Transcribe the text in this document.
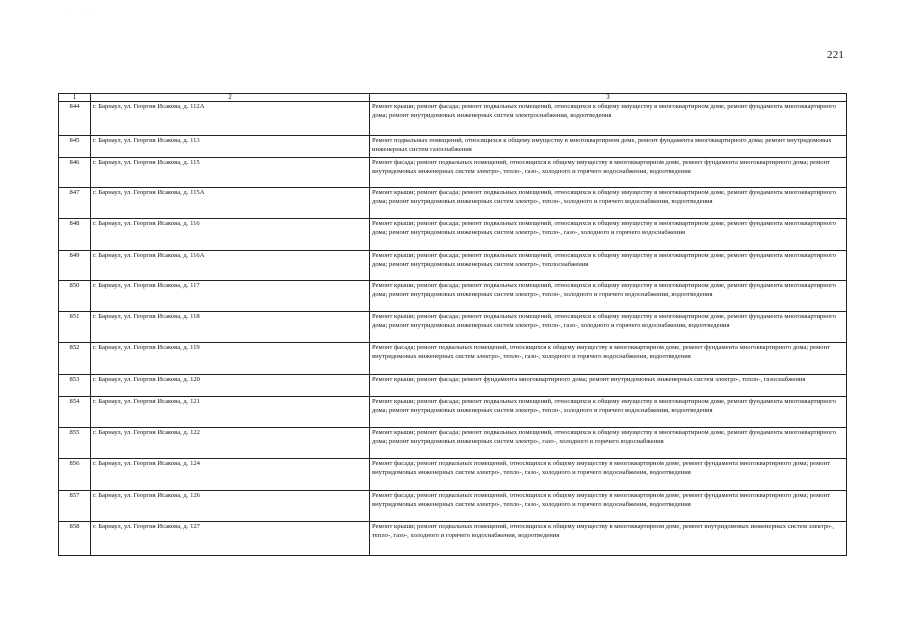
· · ·
221
1	2	3
844	г. Барнаул, ул. Георгия Исакова, д. 112А	Ремонт крыши; ремонт фасада; ремонт подвальных помещений, относящихся к общему имуществу в многоквартирном доме, ремонт фундамента многоквартирного дома; ремонт внутридомовых инженерных систем электроснабжения, водоотведения
845	г. Барнаул, ул. Георгия Исакова, д. 113	Ремонт подвальных помещений, относящихся к общему имуществу в многоквартирном доме, ремонт фундамента многоквартирного дома; ремонт внутридомовых инженерных систем газоснабжения
846	г. Барнаул, ул. Георгия Исакова, д. 115	Ремонт фасада; ремонт подвальных помещений, относящихся к общему имуществу в многоквартирном доме, ремонт фундамента многоквартирного дома; ремонт внутридомовых инженерных систем электро-, тепло-, газо-, холодного и горячего водоснабжения, водоотведения
847	г. Барнаул, ул. Георгия Исакова, д. 115А	Ремонт крыши; ремонт фасада; ремонт подвальных помещений, относящихся к общему имуществу в многоквартирном доме, ремонт фундамента многоквартирного дома; ремонт внутридомовых инженерных систем электро-, тепло-, холодного и горячего водоснабжения, водоотведения
848	г. Барнаул, ул. Георгия Исакова, д. 116	Ремонт крыши; ремонт фасада; ремонт подвальных помещений, относящихся к общему имуществу в многоквартирном доме, ремонт фундамента многоквартирного дома; ремонт внутридомовых инженерных систем электро-, тепло-, газо-, холодного и горячего водоснабжения
849	г. Барнаул, ул. Георгия Исакова, д. 116А	Ремонт крыши; ремонт фасада; ремонт подвальных помещений, относящихся к общему имуществу в многоквартирном доме, ремонт фундамента многоквартирного дома; ремонт внутридомовых инженерных систем электро-, теплоснабжения
850	г. Барнаул, ул. Георгия Исакова, д. 117	Ремонт крыши; ремонт фасада; ремонт подвальных помещений, относящихся к общему имуществу в многоквартирном доме, ремонт фундамента многоквартирного дома; ремонт внутридомовых инженерных систем электро-, тепло-, холодного и горячего водоснабжения, водоотведения
851	г. Барнаул, ул. Георгия Исакова, д. 118	Ремонт крыши; ремонт фасада; ремонт подвальных помещений, относящихся к общему имуществу в многоквартирном доме, ремонт фундамента многоквартирного дома; ремонт внутридомовых инженерных систем электро-, тепло-, газо-, холодного и горячего водоснабжения, водоотведения
852	г. Барнаул, ул. Георгия Исакова, д. 119	Ремонт фасада; ремонт подвальных помещений, относящихся к общему имуществу в многоквартирном доме, ремонт фундамента многоквартирного дома; ремонт внутридомовых инженерных систем электро-, тепло-, газо-, холодного и горячего водоснабжения, водоотведения
853	г. Барнаул, ул. Георгия Исакова, д. 120	Ремонт крыши; ремонт фасада; ремонт фундамента многоквартирного дома; ремонт внутридомовых инженерных систем электро-, тепло-, газоснабжения
854	г. Барнаул, ул. Георгия Исакова, д. 121	Ремонт крыши; ремонт фасада; ремонт подвальных помещений, относящихся к общему имуществу в многоквартирном доме, ремонт фундамента многоквартирного дома; ремонт внутридомовых инженерных систем электро-, тепло-, холодного и горячего водоснабжения, водоотведения
855	г. Барнаул, ул. Георгия Исакова, д. 122	Ремонт крыши; ремонт фасада; ремонт подвальных помещений, относящихся к общему имуществу в многоквартирном доме, ремонт фундамента многоквартирного дома; ремонт внутридомовых инженерных систем электро-, газо-, холодного и горячего водоснабжения
856	г. Барнаул, ул. Георгия Исакова, д. 124	Ремонт фасада; ремонт подвальных помещений, относящихся к общему имуществу в многоквартирном доме, ремонт фундамента многоквартирного дома; ремонт внутридомовых инженерных систем электро-, тепло-, газо-, холодного и горячего водоснабжения, водоотведения
857	г. Барнаул, ул. Георгия Исакова, д. 126	Ремонт фасада; ремонт подвальных помещений, относящихся к общему имуществу в многоквартирном доме, ремонт фундамента многоквартирного дома; ремонт внутридомовых инженерных систем электро-, тепло-, газо-, холодного и горячего водоснабжения, водоотведения
858	г. Барнаул, ул. Георгия Исакова, д. 127	Ремонт крыши; ремонт подвальных помещений, относящихся к общему имуществу в многоквартирном доме, ремонт внутридомовых инженерных систем электро-, тепло-, газо-, холодного и горячего водоснабжения, водоотведения
